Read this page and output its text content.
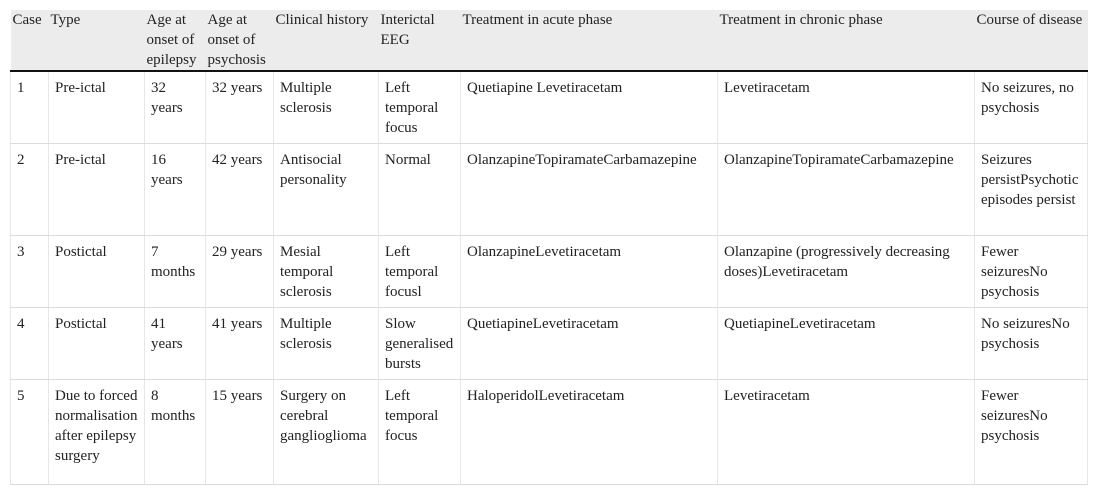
Case	Type	Age at onset of epilepsy	Age at onset of psychosis	Clinical history	Interictal EEG	Treatment in acute phase	Treatment in chronic phase	Course of disease
1	Pre-ictal	32 years	32 years	Multiple sclerosis	Left temporal focus	Quetiapine Levetiracetam	Levetiracetam	No seizures, no psychosis
2	Pre-ictal	16 years	42 years	Antisocial personality	Normal	OlanzapineTopiramateCarbamazepine	OlanzapineTopiramateCarbamazepine	Seizures persistPsychotic episodes persist
3	Postictal	7 months	29 years	Mesial temporal sclerosis	Left temporal focusl	OlanzapineLevetiracetam	Olanzapine (progressively decreasing doses)Levetiracetam	Fewer seizuresNo psychosis
4	Postictal	41 years	41 years	Multiple sclerosis	Slow generalised bursts	QuetiapineLevetiracetam	QuetiapineLevetiracetam	No seizuresNo psychosis
5	Due to forced normalisation after epilepsy surgery	8 months	15 years	Surgery on cerebral ganglioglioma	Left temporal focus	HaloperidolLevetiracetam	Levetiracetam	Fewer seizuresNo psychosis
